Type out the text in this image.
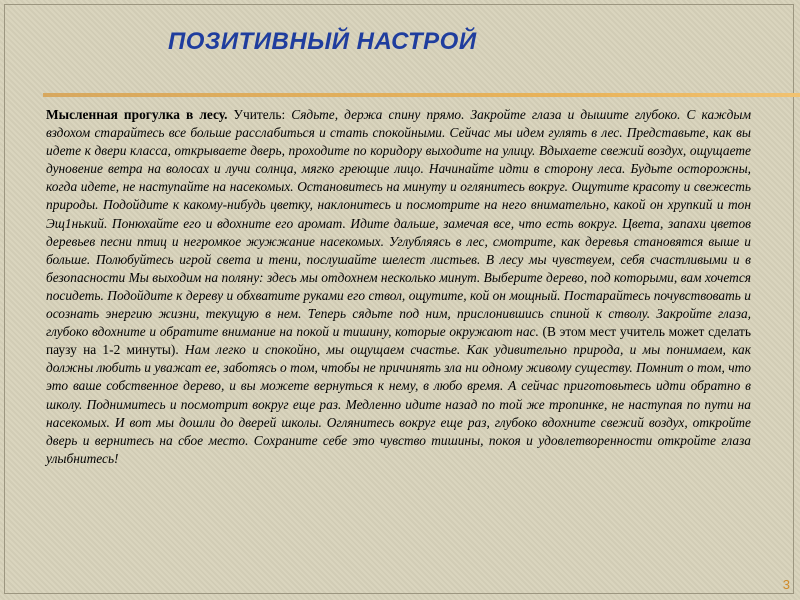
ПОЗИТИВНЫЙ НАСТРОЙ
Мысленная прогулка в лесу. Учитель: Сядьте, держа спину прямо. Закройте глаза и дышите глубоко. С каждым вздохом старайтесь все больше расслабиться и стать спокойными. Сейчас мы идем гулять в лес. Представьте, как вы идете к двери класса, открываете дверь, проходите по коридору выходите на улицу. Вдыхаете свежий воздух, ощущаете дуновение ветра на волосах и лучи солнца, мягко греющие лицо. Начинайте идти в сторону леса. Будьте осторожны, когда идете, не наступайте на насекомых. Остановитесь на минуту и оглянитесь вокруг. Ощутите красоту и свежесть природы. Подойдите к какому-нибудь цветку, наклонитесь и посмотрите на него внимательно, какой он хрупкий и тон Эщ1нький. Понюхайте его и вдохните его аромат. Идите дальше, замечая все, что есть вокруг. Цвета, запахи цветов деревьев песни птиц и негромкое жужжание насекомых. Углубляясь в лес, смотрите, как деревья становятся выше и больше. Полюбуйтесь игрой света и тени, послушайте шелест листьев. В лесу мы чувствуем, себя счастливыми и в безопасности Мы выходим на поляну: здесь мы отдохнем несколько минут. Выберите дерево, под которыми, вам хочется посидеть. Подойдите к дереву и обхватите руками его ствол, ощутите, кой он мощный. Постарайтесь почувствовать и осознать энергию жизни, текущую в нем. Теперь сядьте под ним, прислонившись спиной к стволу. Закройте глаза, глубоко вдохните и обратите внимание на покой и тишину, которые окружают нас. (В этом мест учитель может сделать паузу на 1-2 минуты). Нам легко и спокойно, мы ощущаем счастье. Как удивительно природа, и мы понимаем, как должны любить и уважат ее, заботясь о том, чтобы не причинять зла ни одному живому существу. Помнит о том, что это ваше собственное дерево, и вы можете вернуться к нему, в любо время. А сейчас приготовьтесь идти обратно в школу. Поднимитесь и посмотрит вокруг еще раз. Медленно идите назад по той же тропинке, не наступая по пути на насекомых. И вот мы дошли до дверей школы. Оглянитесь вокруг еще раз, глубоко вдохните свежий воздух, откройте дверь и вернитесь на сбое место. Сохраните себе это чувство тишины, покоя и удовлетворенности откройте глаза улыбнитесь!
3
